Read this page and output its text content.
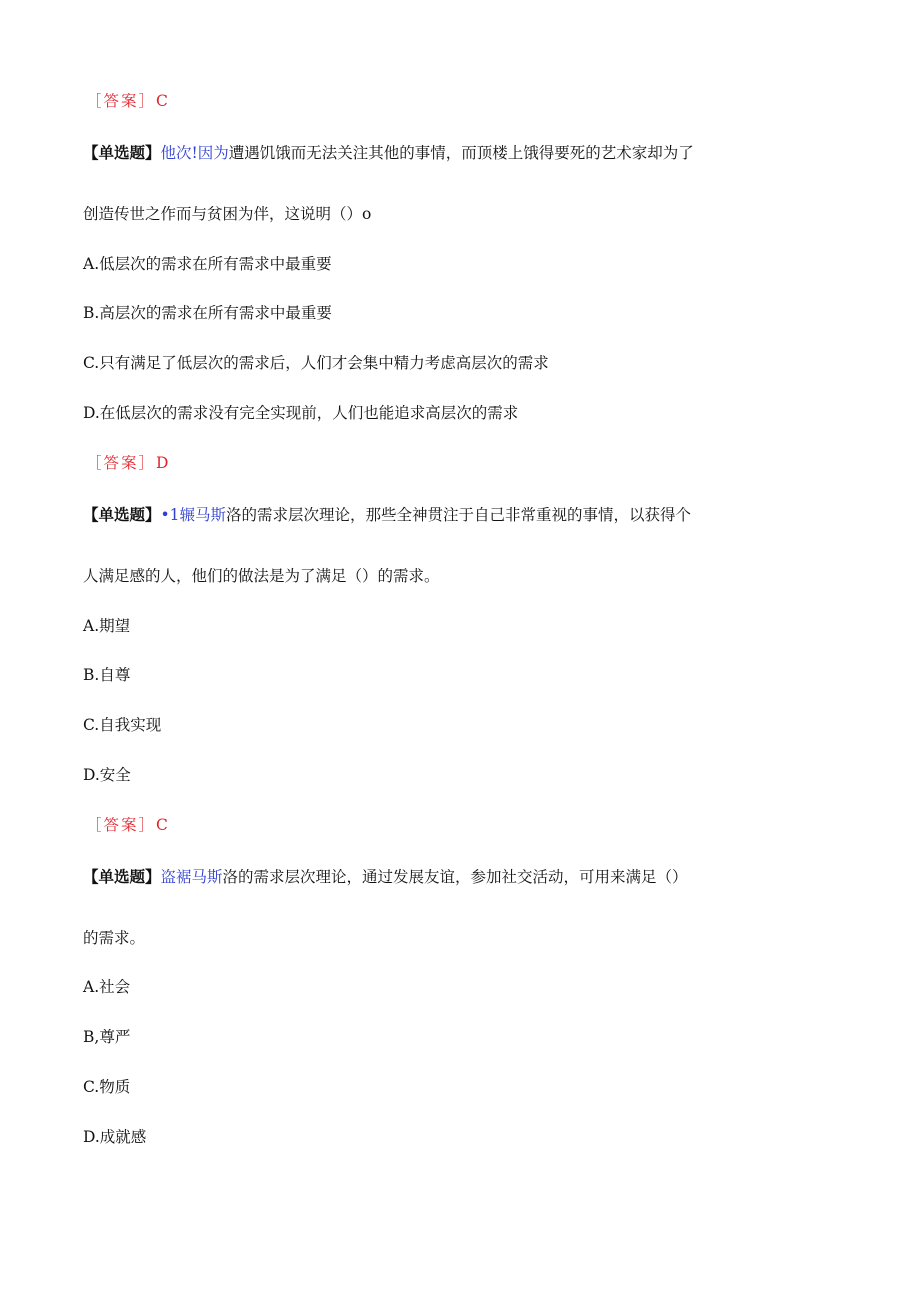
［答案］C
【单选题】他次!因为遭遇饥饿而无法关注其他的事情，而顶楼上饿得要死的艺术家却为了
创造传世之作而与贫困为伴，这说明（）o
A.低层次的需求在所有需求中最重要
B.高层次的需求在所有需求中最重要
C.只有满足了低层次的需求后，人们才会集中精力考虑高层次的需求
D.在低层次的需求没有完全实现前，人们也能追求高层次的需求
［答案］D
【单选题】•1辗马斯洛的需求层次理论，那些全神贯注于自己非常重视的事情，以获得个
人满足感的人，他们的做法是为了满足（）的需求。
A.期望
B.自尊
C.自我实现
D.安全
［答案］C
【单选题】盗裾马斯洛的需求层次理论，通过发展友谊，参加社交活动，可用来满足（）
的需求。
A.社会
B,尊严
C.物质
D.成就感
